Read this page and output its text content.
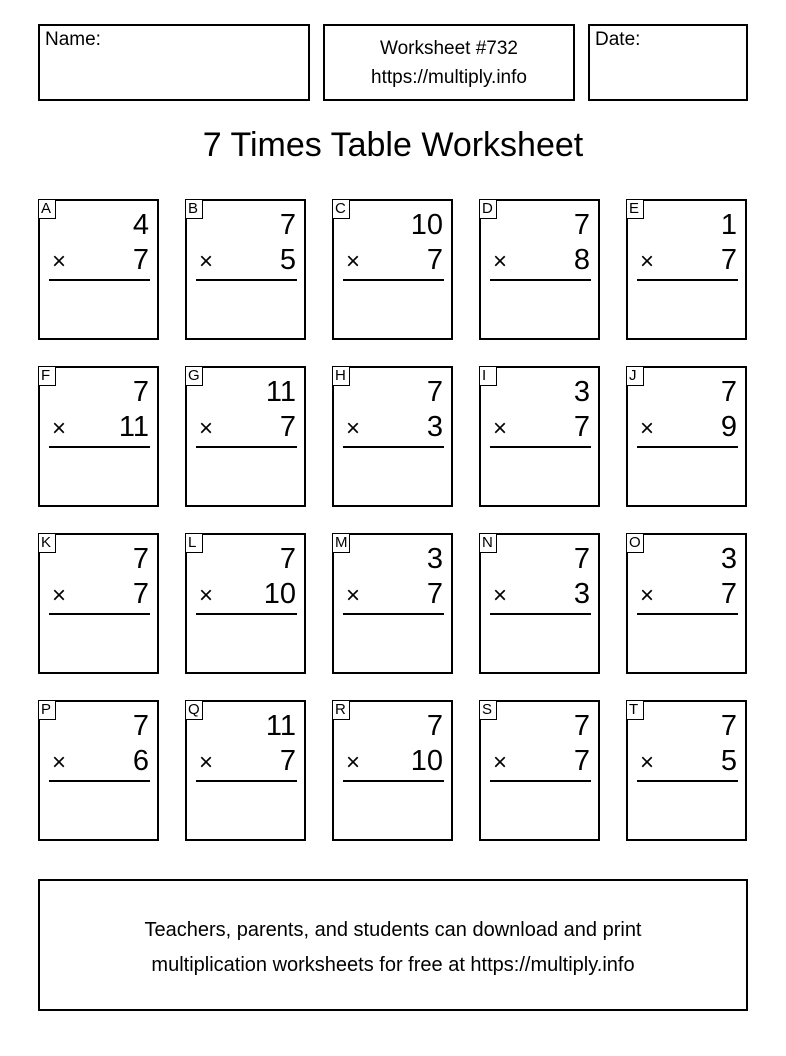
Name:	Worksheet #732
https://multiply.info
Date:
7 Times Table Worksheet
A
4
× 7
B
7
× 5
C
10
× 7
D
7
× 8
E
1
× 7
F
7
× 11
G
11
× 7
H
7
× 3
I
3
× 7
J
7
× 9
K
7
× 7
L
7
× 10
M
3
× 7
N
7
× 3
O
3
× 7
P
7
× 6
Q
11
× 7
R
7
× 10
S
7
× 7
T
7
× 5
Teachers, parents, and students can download and print
multiplication worksheets for free at https://multiply.info
